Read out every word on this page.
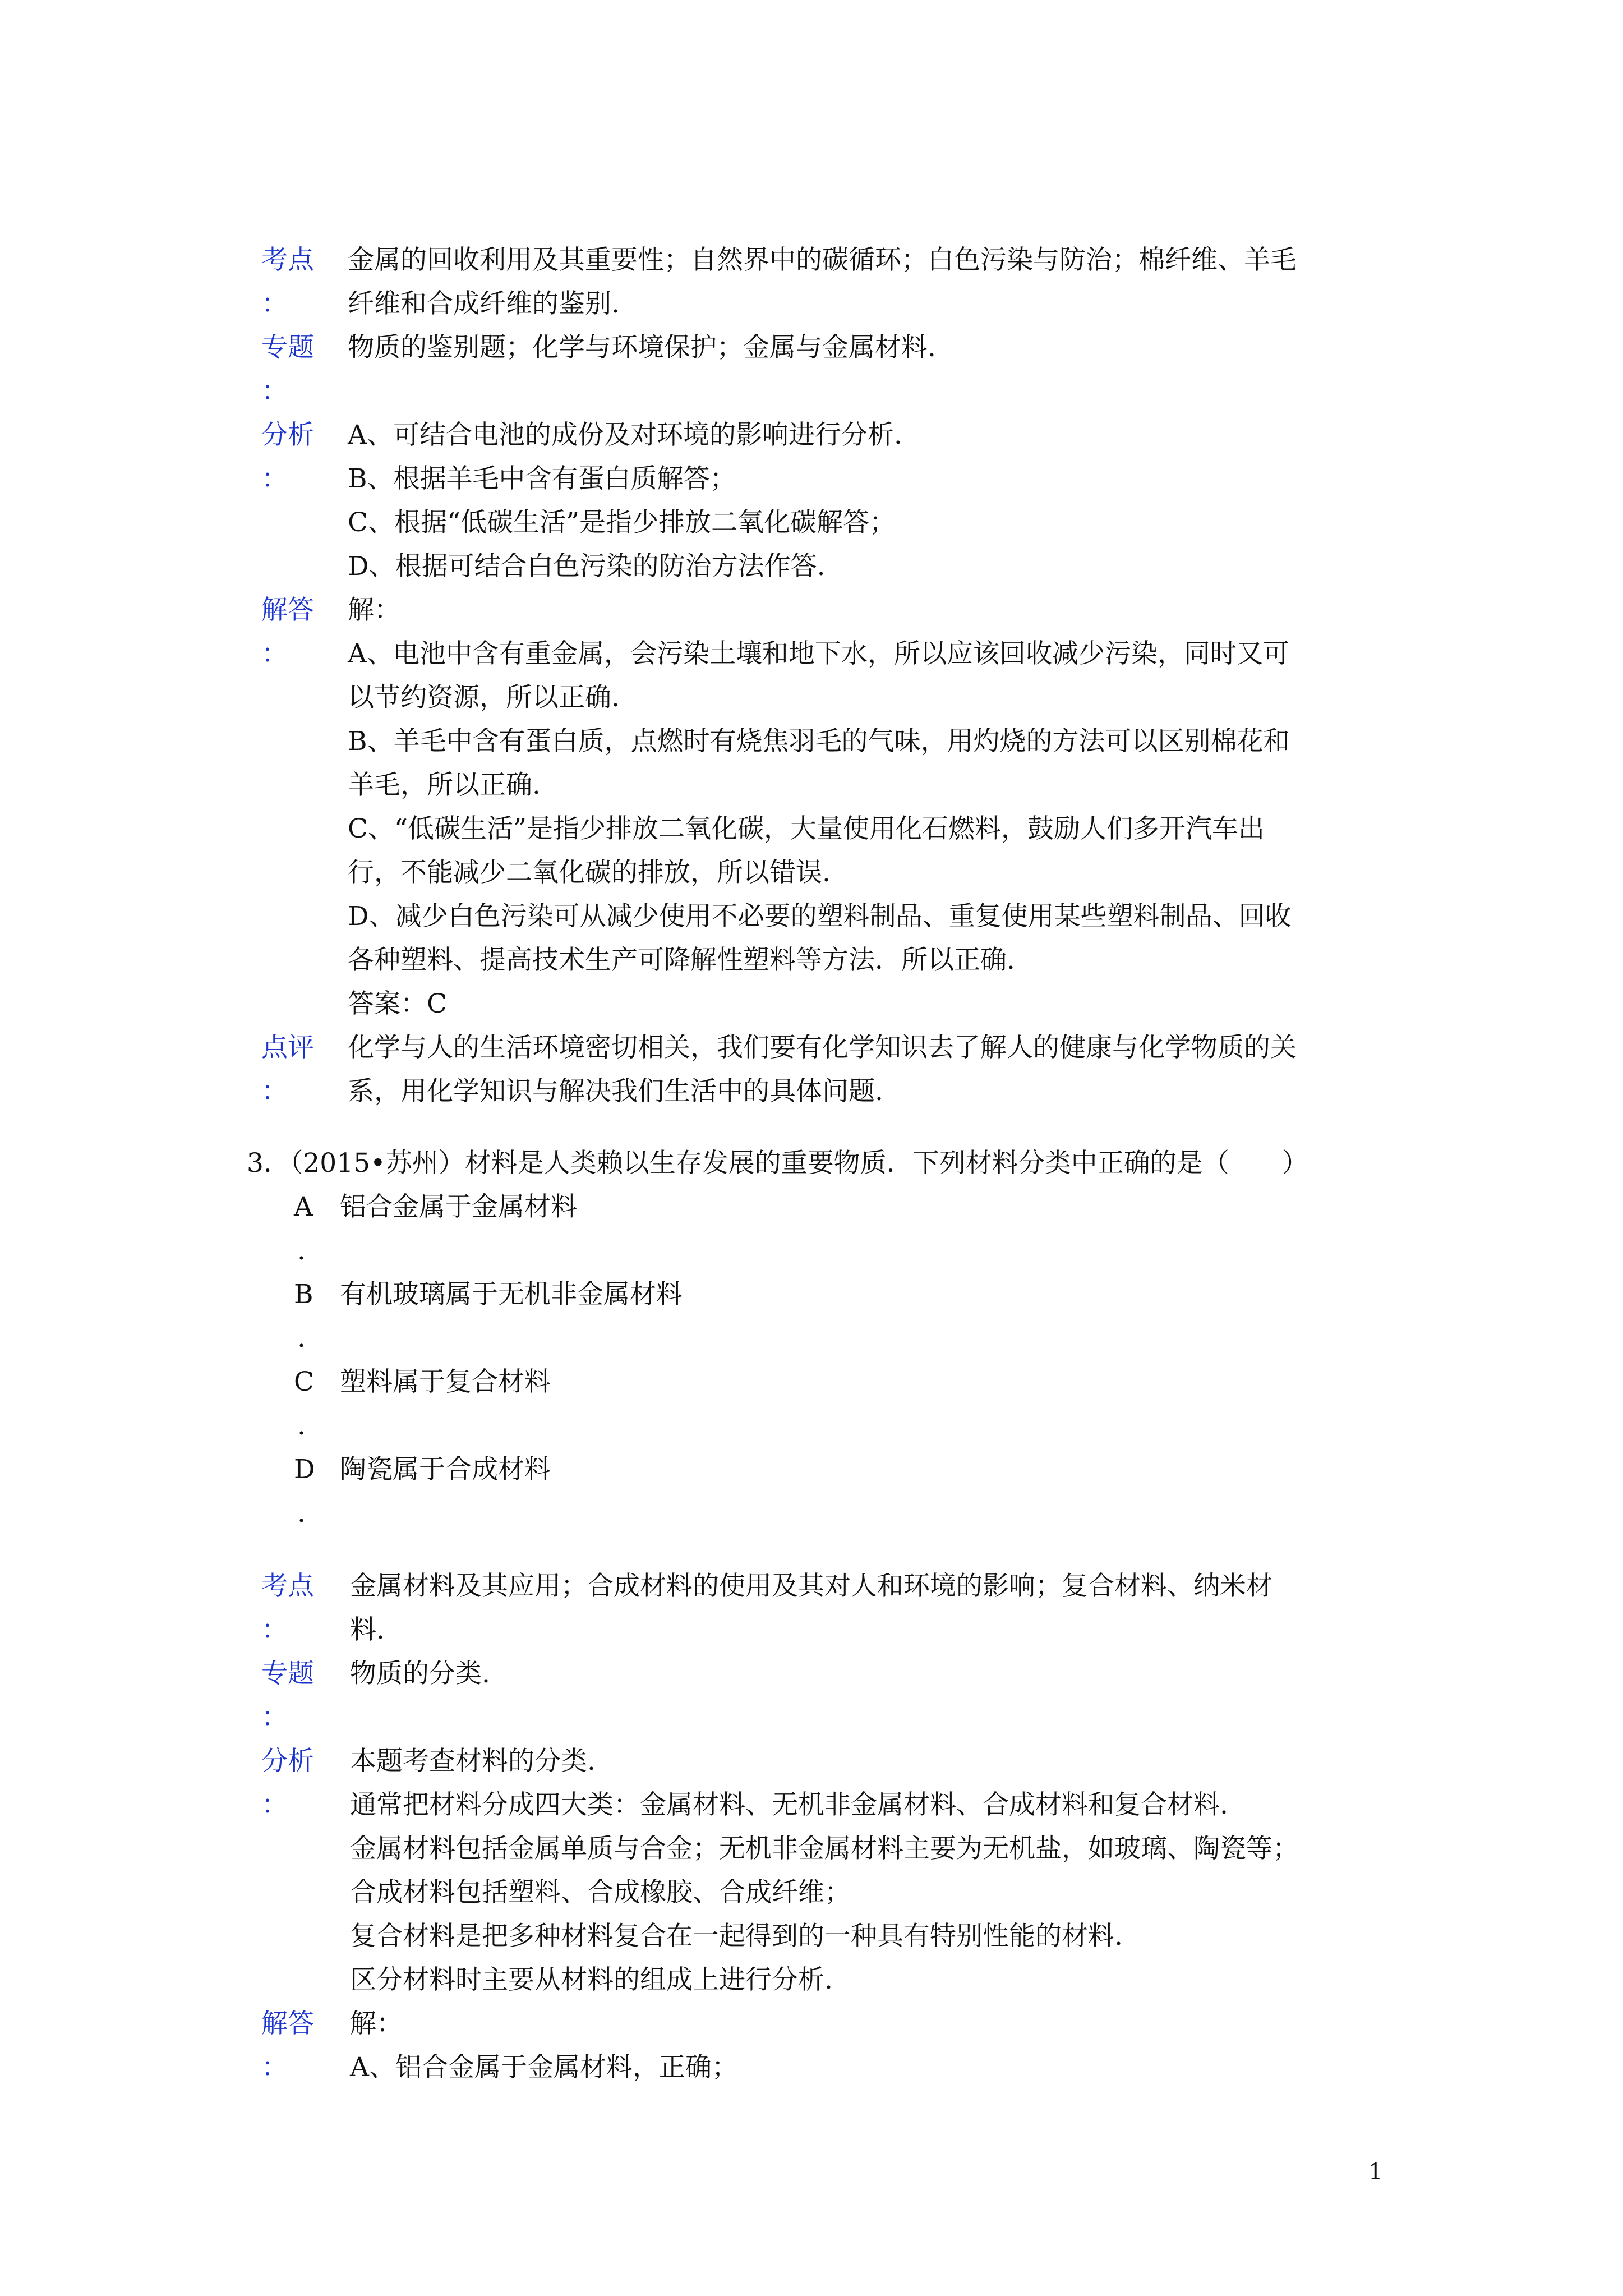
考点
：
金属的回收利用及其重要性；自然界中的碳循环；白色污染与防治；棉纤维、羊毛
纤维和合成纤维的鉴别.
专题
：
物质的鉴别题；化学与环境保护；金属与金属材料.
分析
：
A、可结合电池的成份及对环境的影响进行分析.
B、根据羊毛中含有蛋白质解答；
C、根据“低碳生活”是指少排放二氧化碳解答；
D、根据可结合白色污染的防治方法作答.
解答
：
解：
A、电池中含有重金属，会污染土壤和地下水，所以应该回收减少污染，同时又可
以节约资源，所以正确.
B、羊毛中含有蛋白质，点燃时有烧焦羽毛的气味，用灼烧的方法可以区别棉花和
羊毛，所以正确.
C、“低碳生活”是指少排放二氧化碳，大量使用化石燃料，鼓励人们多开汽车出
行，不能减少二氧化碳的排放，所以错误.
D、减少白色污染可从减少使用不必要的塑料制品、重复使用某些塑料制品、回收
各种塑料、提高技术生产可降解性塑料等方法．所以正确.
答案：C
点评
：
化学与人的生活环境密切相关，我们要有化学知识去了解人的健康与化学物质的关
系，用化学知识与解决我们生活中的具体问题.
3．（2015•苏州）材料是人类赖以生存发展的重要物质．下列材料分类中正确的是（　　）
A
.
铝合金属于金属材料
B
.
有机玻璃属于无机非金属材料
C
.
塑料属于复合材料
D
.
陶瓷属于合成材料
考点
：
金属材料及其应用；合成材料的使用及其对人和环境的影响；复合材料、纳米材
料.
专题
：
物质的分类.
分析
：
本题考查材料的分类.
通常把材料分成四大类：金属材料、无机非金属材料、合成材料和复合材料.
金属材料包括金属单质与合金；无机非金属材料主要为无机盐，如玻璃、陶瓷等；
合成材料包括塑料、合成橡胶、合成纤维；
复合材料是把多种材料复合在一起得到的一种具有特别性能的材料.
区分材料时主要从材料的组成上进行分析.
解答
：
解：
A、铝合金属于金属材料，正确；
1
